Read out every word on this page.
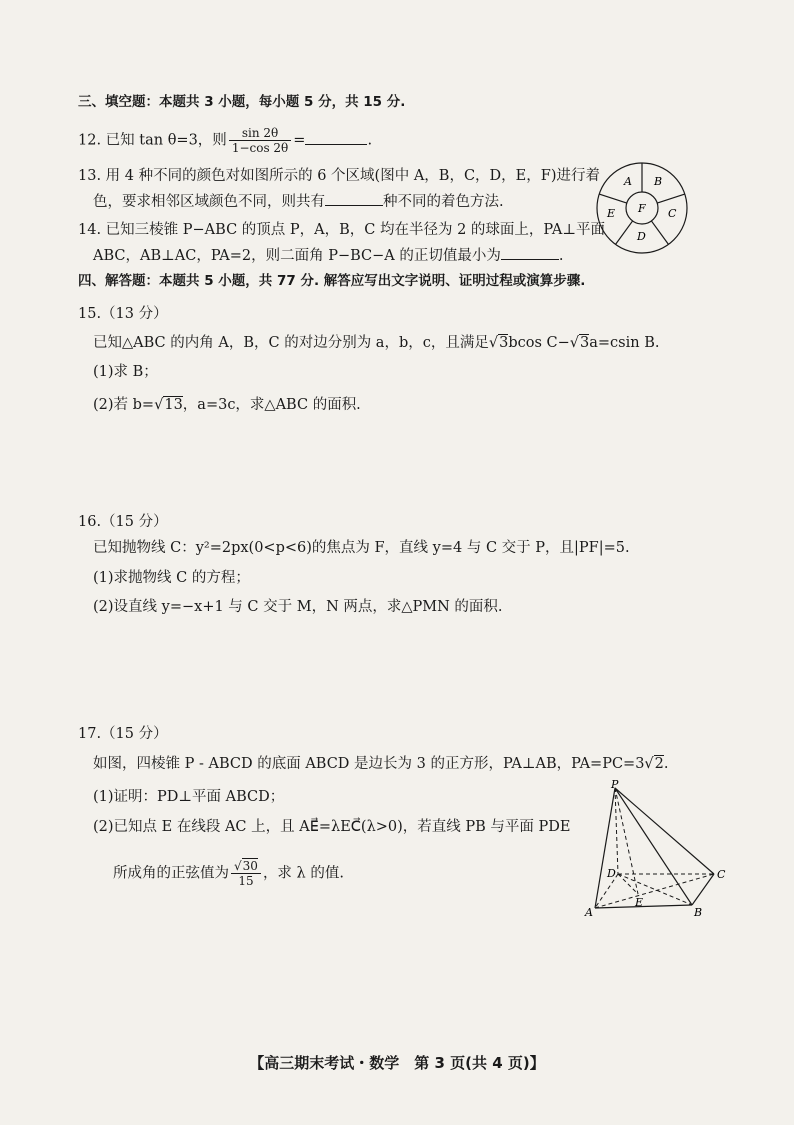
三、填空题：本题共 3 小题，每小题 5 分，共 15 分.
12. 已知 tan θ=3，则 $\frac{\sin 2\theta}{1-\cos 2\theta}$ =	.
13. 用 4 种不同的颜色对如图所示的 6 个区域(图中 A，B，C，D，E，F)进行着
色，要求相邻区域颜色不同，则共有	种不同的着色方法.
A B
C
D
E F
14. 已知三棱锥 P−ABC 的顶点 P，A，B，C 均在半径为 2 的球面上，PA⊥平面
ABC，AB⊥AC，PA=2，则二面角 P−BC−A 的正切值最小为	.
四、解答题：本题共 5 小题，共 77 分. 解答应写出文字说明、证明过程或演算步骤.
15.（13 分）
已知△ABC 的内角 A，B，C 的对边分别为 a，b，c，且满足√3bcos C−√3a=csin B.
(1)求 B；
(2)若 b=√13，a=3c，求△ABC 的面积.
16.（15 分）
已知抛物线 C：y²=2px(0<p<6)的焦点为 F，直线 y=4 与 C 交于 P，且|PF|=5.
(1)求抛物线 C 的方程；
(2)设直线 y=−x+1 与 C 交于 M，N 两点，求△PMN 的面积.
17.（15 分）
如图，四棱锥 P - ABCD 的底面 ABCD 是边长为 3 的正方形，PA⊥AB，PA=PC=3√2.
(1)证明：PD⊥平面 ABCD；
(2)已知点 E 在线段 AC 上，且 AE⃗=λEC⃗(λ>0)，若直线 PB 与平面 PDE
所成角的正弦值为 $\frac{√30}{15}$ ，求 λ 的值.
P
D	C
A	B
E
【高三期末考试・数学　第 3 页(共 4 页)】
